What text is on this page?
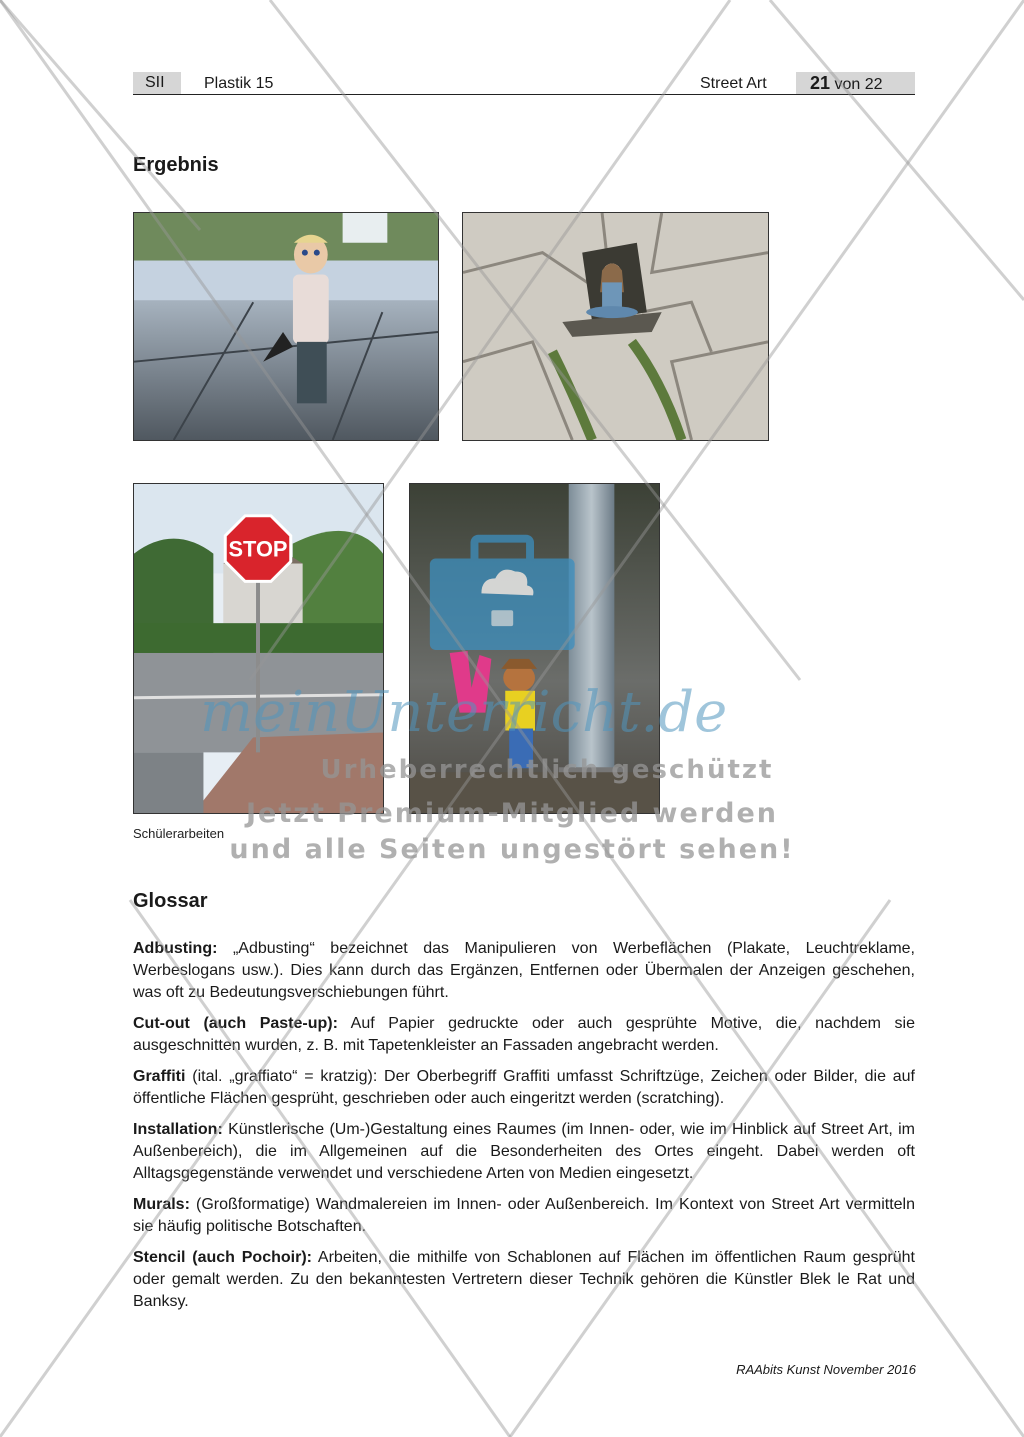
SII	Plastik 15	Street Art	21 von 22
Ergebnis
STOP
Schülerarbeiten
Glossar

Adbusting: „Adbusting“ bezeichnet das Manipulieren von Werbeflächen (Plakate, Leuchtreklame, Werbeslogans usw.). Dies kann durch das Ergänzen, Entfernen oder Übermalen der Anzeigen geschehen, was oft zu Bedeutungsverschiebungen führt.

Cut-out (auch Paste-up): Auf Papier gedruckte oder auch gesprühte Motive, die, nachdem sie ausgeschnitten wurden, z. B. mit Tapetenkleister an Fassaden angebracht werden.

Graffiti (ital. „graffiato“ = kratzig): Der Oberbegriff Graffiti umfasst Schriftzüge, Zeichen oder Bilder, die auf öffentliche Flächen gesprüht, geschrieben oder auch eingeritzt werden (scratching).

Installation: Künstlerische (Um-)Gestaltung eines Raumes (im Innen- oder, wie im Hinblick auf Street Art, im Außenbereich), die im Allgemeinen auf die Besonderheiten des Ortes eingeht. Dabei werden oft Alltagsgegenstände verwendet und verschiedene Arten von Medien eingesetzt.

Murals: (Großformatige) Wandmalereien im Innen- oder Außenbereich. Im Kontext von Street Art vermitteln sie häufig politische Botschaften.

Stencil (auch Pochoir): Arbeiten, die mithilfe von Schablonen auf Flächen im öffentlichen Raum gesprüht oder gemalt werden. Zu den bekanntesten Vertretern dieser Technik gehören die Künstler Blek le Rat und Banksy.

RAAbits Kunst November 2016
meinUnterricht.de
Urheberrechtlich geschützt
Jetzt Premium-Mitglied werden
und alle Seiten ungestört sehen!
